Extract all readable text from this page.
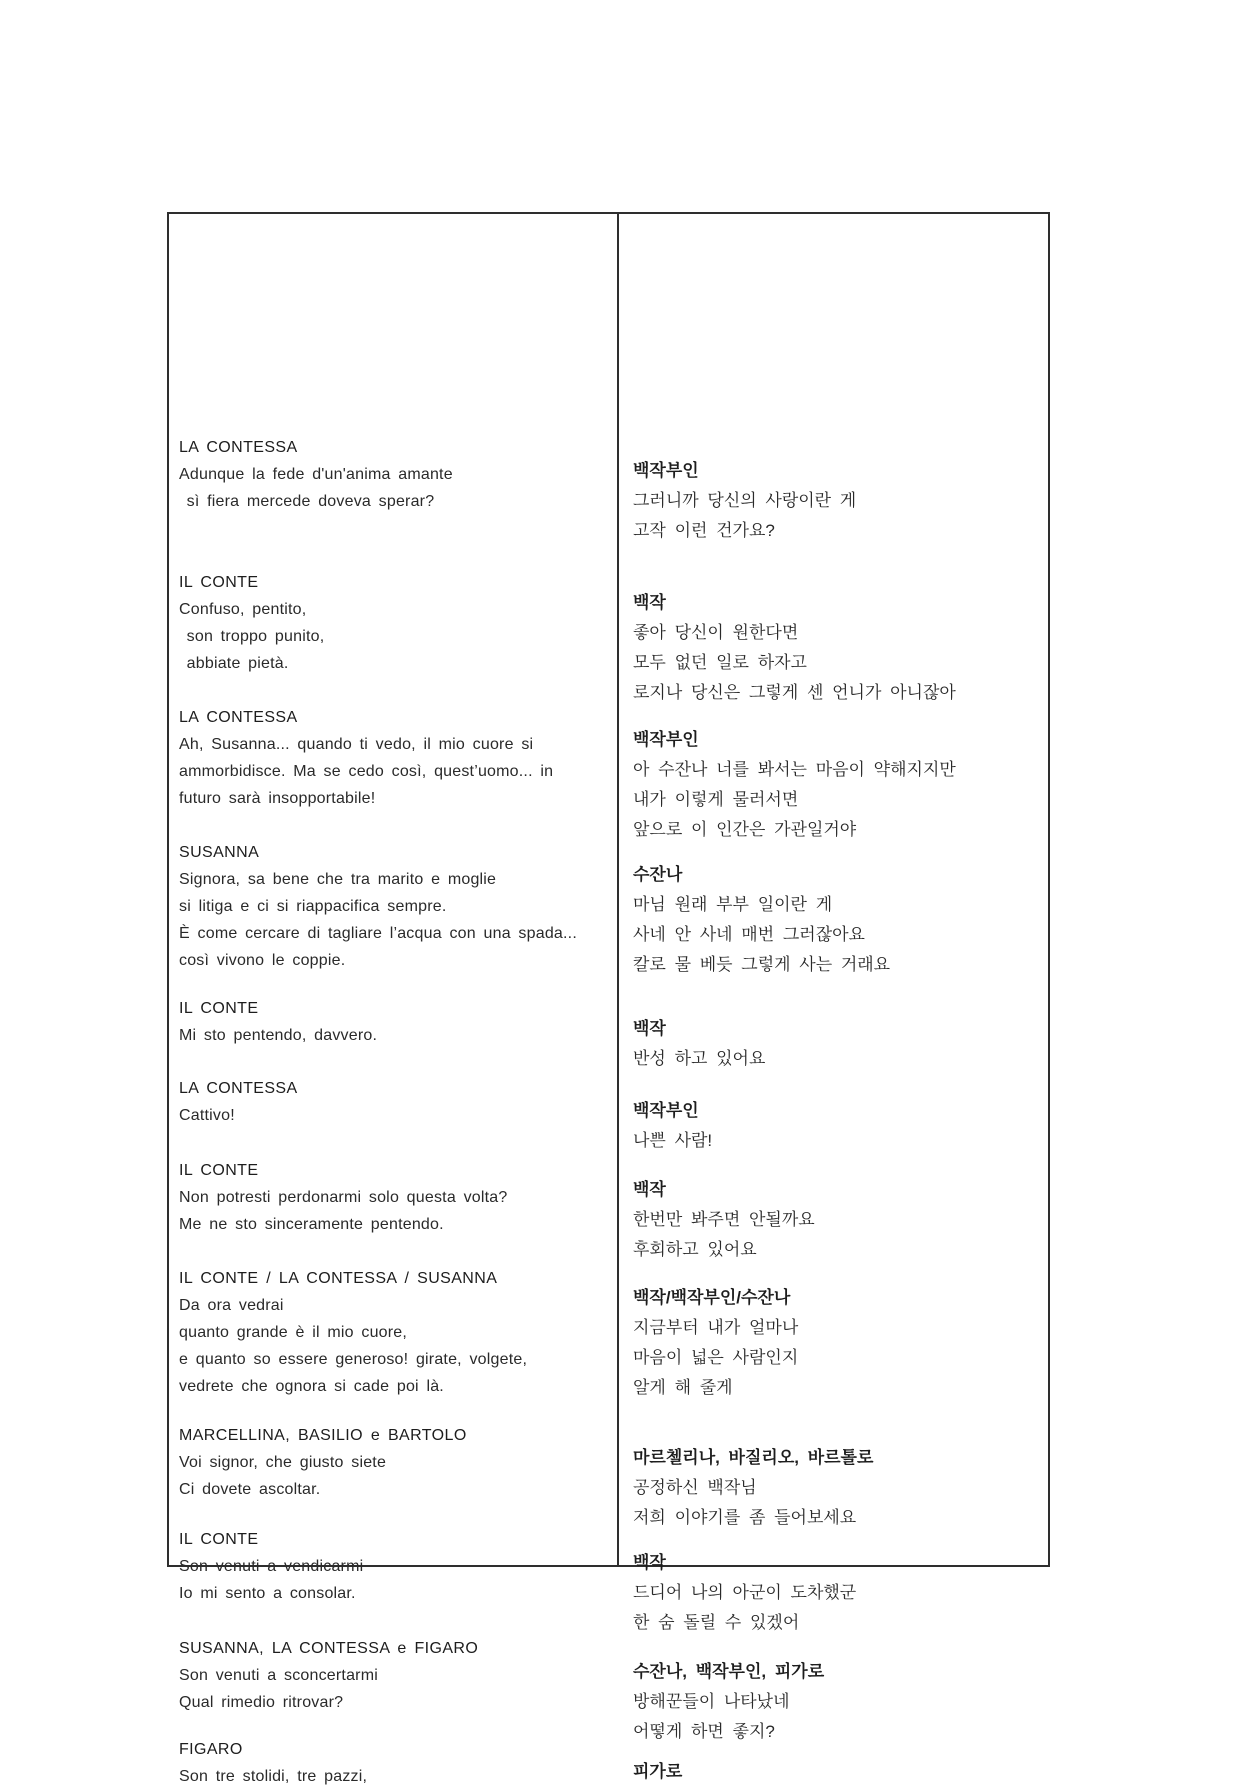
LA CONTESSA
Adunque la fede d'un'anima amante
sì fiera mercede doveva sperar?
IL CONTE
Confuso, pentito,
son troppo punito,
abbiate pietà.
LA CONTESSA
Ah, Susanna... quando ti vedo, il mio cuore si
ammorbidisce. Ma se cedo così, quest’uomo... in
futuro sarà insopportabile!
SUSANNA
Signora, sa bene che tra marito e moglie
si litiga e ci si riappacifica sempre.
È come cercare di tagliare l’acqua con una spada...
così vivono le coppie.
IL CONTE
Mi sto pentendo, davvero.
LA CONTESSA
Cattivo!
IL CONTE
Non potresti perdonarmi solo questa volta?
Me ne sto sinceramente pentendo.
IL CONTE / LA CONTESSA / SUSANNA
Da ora vedrai
quanto grande è il mio cuore,
e quanto so essere generoso! girate, volgete,
vedrete che ognora si cade poi là.
MARCELLINA, BASILIO e BARTOLO
Voi signor, che giusto siete
Ci dovete ascoltar.
IL CONTE
Son venuti a vendicarmi
Io mi sento a consolar.
SUSANNA, LA CONTESSA e FIGARO
Son venuti a sconcertarmi
Qual rimedio ritrovar?
FIGARO
Son tre stolidi, tre pazzi,
백작부인
그러니까 당신의 사랑이란 게
고작 이런 건가요?
백작
좋아 당신이 원한다면
모두 없던 일로 하자고
로지나 당신은 그렇게 센 언니가 아니잖아
백작부인
아 수잔나 너를 봐서는 마음이 약해지지만
내가 이렇게 물러서면
앞으로 이 인간은 가관일거야
수잔나
마님 원래 부부 일이란 게
사네 안 사네 매번 그러잖아요
칼로 물 베듯 그렇게 사는 거래요
백작
반성 하고 있어요
백작부인
나쁜 사람!
백작
한번만 봐주면 안될까요
후회하고 있어요
백작/백작부인/수잔나
지금부터 내가 얼마나
마음이 넓은 사람인지
알게 해 줄게
마르첼리나, 바질리오, 바르톨로
공정하신 백작님
저희 이야기를 좀 들어보세요
백작
드디어 나의 아군이 도차했군
한 숨 돌릴 수 있겠어
수잔나, 백작부인, 피가로
방해꾼들이 나타났네
어떻게 하면 좋지?
피가로
